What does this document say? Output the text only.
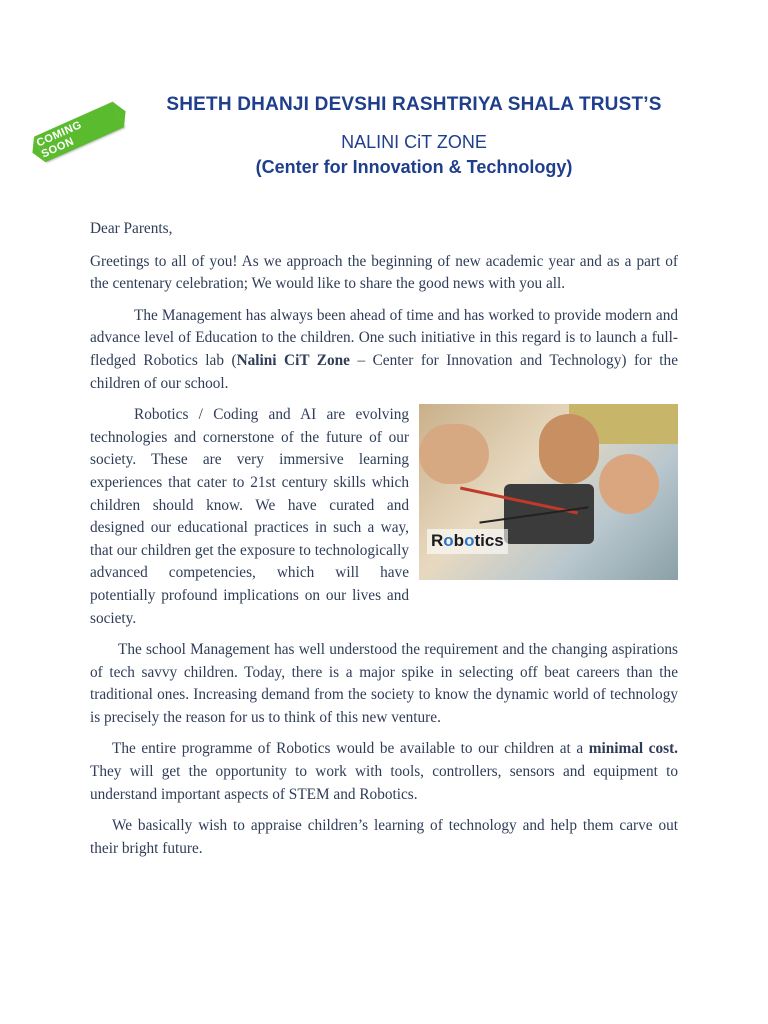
COMING SOON
SHETH DHANJI DEVSHI RASHTRIYA SHALA TRUST’S
NALINI CiT ZONE
(Center for Innovation & Technology)

Dear Parents,

Greetings to all of you! As we approach the beginning of new academic year and as a part of the centenary celebration; We would like to share the good news with you all.

The Management has always been ahead of time and has worked to provide modern and advance level of Education to the children. One such initiative in this regard is to launch a full-fledged Robotics lab (Nalini CiT Zone – Center for Innovation and Technology) for the children of our school.

Robotics

Robotics / Coding and AI are evolving technologies and cornerstone of the future of our society. These are very immersive learning experiences that cater to 21st century skills which children should know. We have curated and designed our educational practices in such a way, that our children get the exposure to technologically advanced competencies, which will have potentially profound implications on our lives and society.

The school Management has well understood the requirement and the changing aspirations of tech savvy children. Today, there is a major spike in selecting off beat careers than the traditional ones. Increasing demand from the society to know the dynamic world of technology is precisely the reason for us to think of this new venture.

The entire programme of Robotics would be available to our children at a minimal cost. They will get the opportunity to work with tools, controllers, sensors and equipment to understand important aspects of STEM and Robotics.

We basically wish to appraise children’s learning of technology and help them carve out their bright future.
